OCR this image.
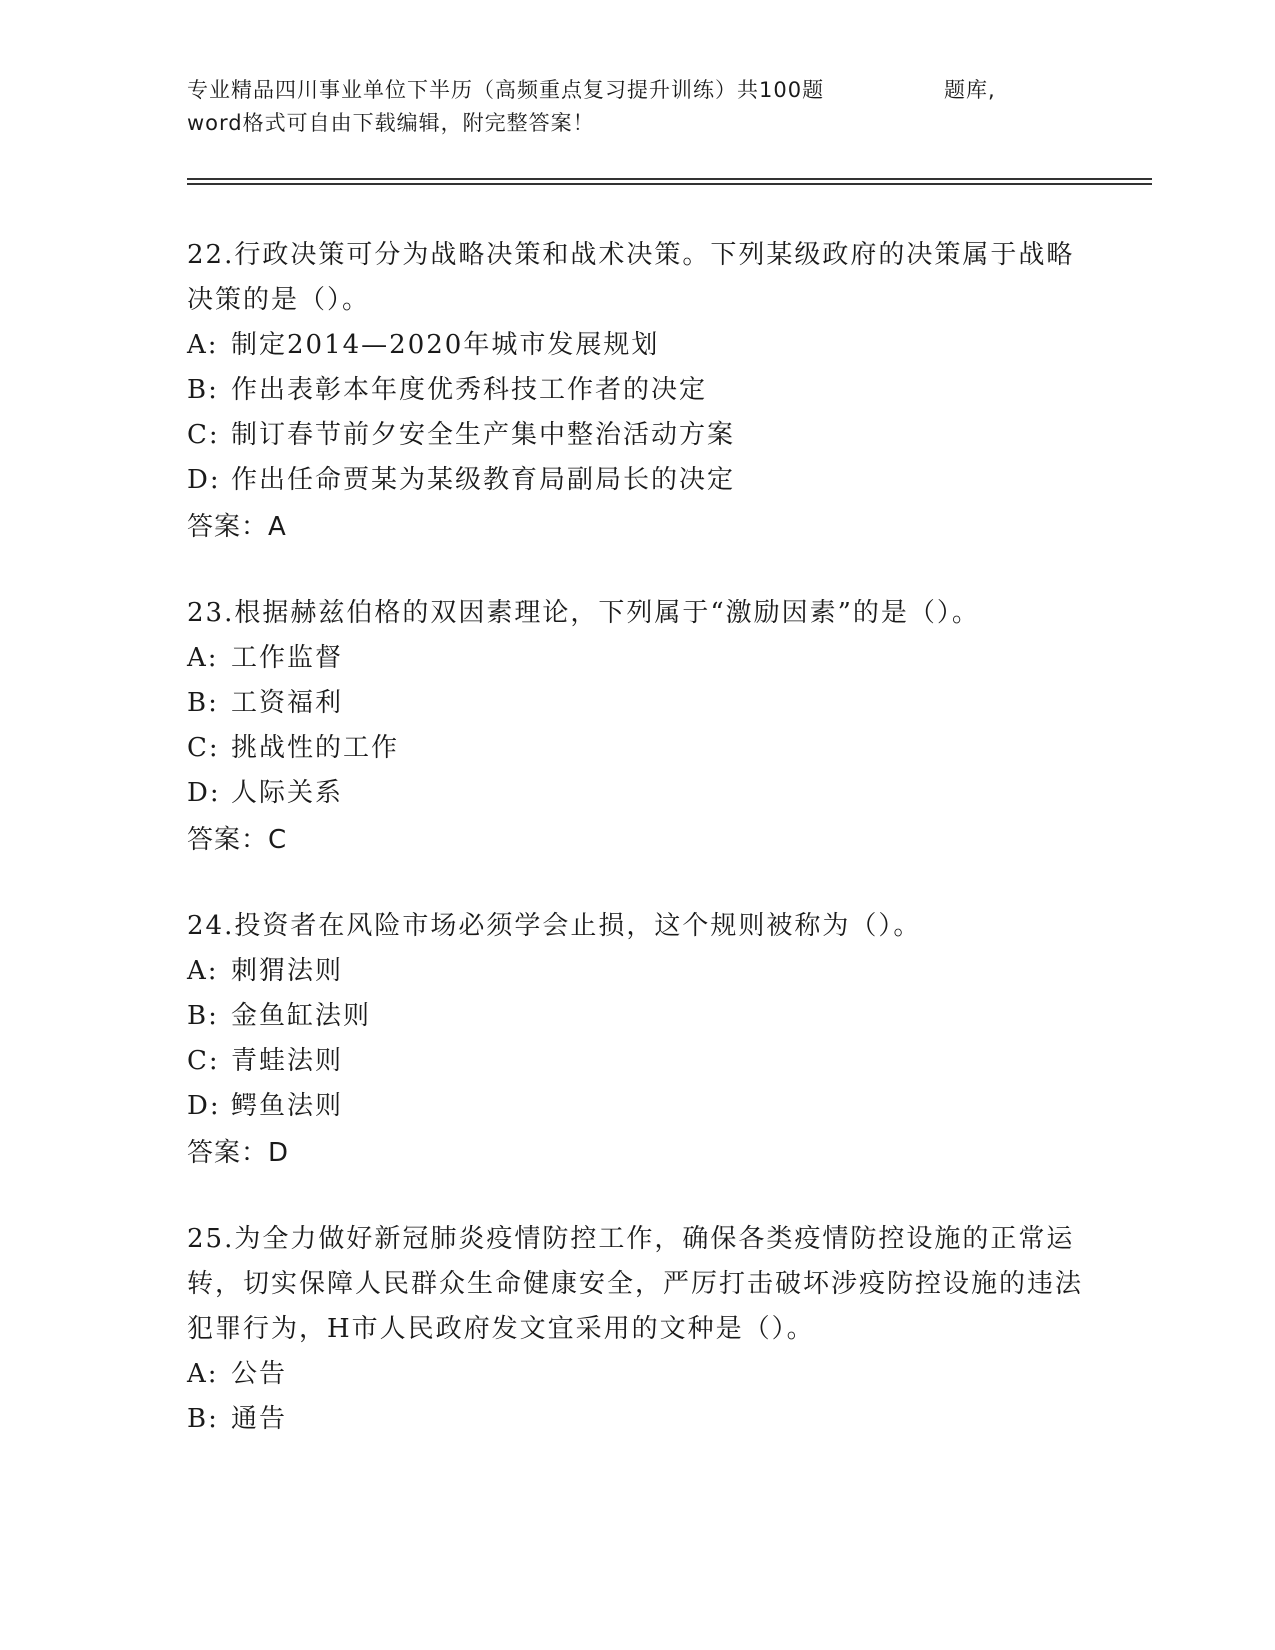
专业精品四川事业单位下半历（高频重点复习提升训练）共100题	题库,
word格式可自由下载编辑，附完整答案！

22.行政决策可分为战略决策和战术决策。下列某级政府的决策属于战略决策的是（）。

A: 制定2014—2020年城市发展规划
B: 作出表彰本年度优秀科技工作者的决定
C: 制订春节前夕安全生产集中整治活动方案
D: 作出任命贾某为某级教育局副局长的决定
答案：A

23.根据赫兹伯格的双因素理论，下列属于“激励因素”的是（）。

A: 工作监督
B: 工资福利
C: 挑战性的工作
D: 人际关系
答案：C

24.投资者在风险市场必须学会止损，这个规则被称为（）。

A: 刺猬法则
B: 金鱼缸法则
C: 青蛙法则
D: 鳄鱼法则
答案：D

25.为全力做好新冠肺炎疫情防控工作，确保各类疫情防控设施的正常运转，切实保障人民群众生命健康安全，严厉打击破坏涉疫防控设施的违法犯罪行为，H市人民政府发文宜采用的文种是（）。

A: 公告
B: 通告
